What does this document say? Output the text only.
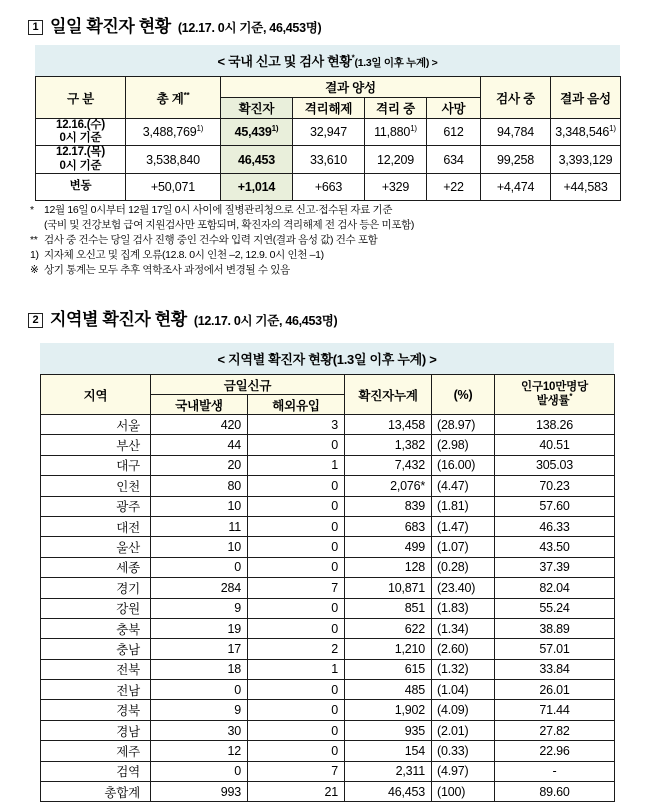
1 일일 확진자 현황 (12.17. 0시 기준, 46,453명)
< 국내 신고 및 검사 현황*(1.3일 이후 누계) >
구 분	총 계**	결과 양성				검사 중	결과 음성
		확진자	격리해제	격리 중	사망		
12.16.(수)
0시 기준	3,488,769$^{1)}$	45,439$^{1)}$	32,947	11,880$^{1)}$	612	94,784	3,348,546$^{1)}$
12.17.(목)
0시 기준	3,538,840	46,453	33,610	12,209	634	99,258	3,393,129
변동	+50,071	+1,014	+663	+329	+22	+4,474	+44,583
* 12월 16일 0시부터 12월 17일 0시 사이에 질병관리청으로 신고·접수된 자료 기준
(국비 및 건강보험 급여 지원검사만 포함되며, 확진자의 격리해제 전 검사 등은 미포함)
** 검사 중 건수는 당일 검사 진행 중인 건수와 입력 지연(결과 음성 값) 건수 포함
1) 지자체 오신고 및 집계 오류(12.8. 0시 인천 –2, 12.9. 0시 인천 –1)
※ 상기 통계는 모두 추후 역학조사 과정에서 변경될 수 있음
2 지역별 확진자 현황 (12.17. 0시 기준, 46,453명)
< 지역별 확진자 현황(1.3일 이후 누계) >
지역	금일신규		확진자누계	(%)	인구10만명당
발생률*
	국내발생	해외유입			
서울	420	3	13,458	(28.97)	138.26
부산	44	0	1,382	(2.98)	40.51
대구	20	1	7,432	(16.00)	305.03
인천	80	0	2,076*	(4.47)	70.23
광주	10	0	839	(1.81)	57.60
대전	11	0	683	(1.47)	46.33
울산	10	0	499	(1.07)	43.50
세종	0	0	128	(0.28)	37.39
경기	284	7	10,871	(23.40)	82.04
강원	9	0	851	(1.83)	55.24
충북	19	0	622	(1.34)	38.89
충남	17	2	1,210	(2.60)	57.01
전북	18	1	615	(1.32)	33.84
전남	0	0	485	(1.04)	26.01
경북	9	0	1,902	(4.09)	71.44
경남	30	0	935	(2.01)	27.82
제주	12	0	154	(0.33)	22.96
검역	0	7	2,311	(4.97)	-
총합계	993	21	46,453	(100)	89.60
